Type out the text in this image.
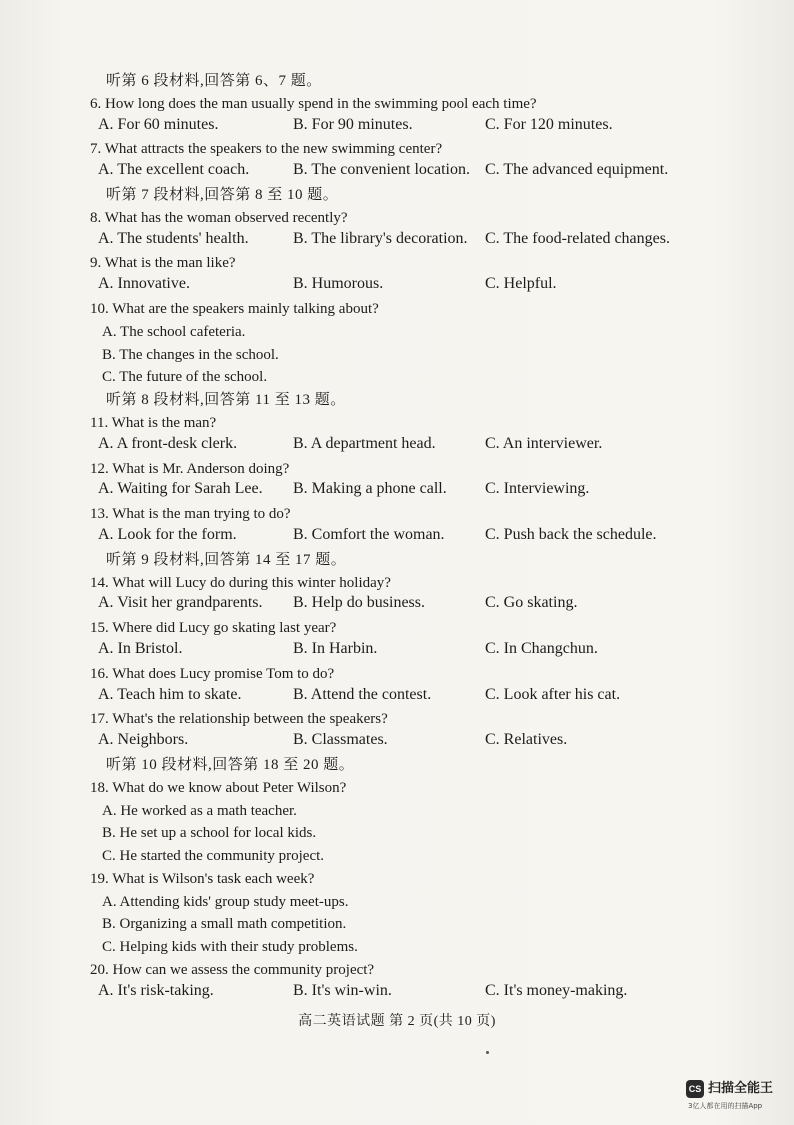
听第 6 段材料,回答第 6、7 题。
6. How long does the man usually spend in the swimming pool each time?
A. For 60 minutes.	B. For 90 minutes.	C. For 120 minutes.
7. What attracts the speakers to the new swimming center?
A. The excellent coach.	B. The convenient location. C. The advanced equipment.
听第 7 段材料,回答第 8 至 10 题。
8. What has the woman observed recently?
A. The students' health.	B. The library's decoration. C. The food-related changes.
9. What is the man like?
A. Innovative.	B. Humorous.	C. Helpful.
10. What are the speakers mainly talking about?
A. The school cafeteria.
B. The changes in the school.
C. The future of the school.
听第 8 段材料,回答第 11 至 13 题。
11. What is the man?
A. A front-desk clerk.	B. A department head.	C. An interviewer.
12. What is Mr. Anderson doing?
A. Waiting for Sarah Lee. B. Making a phone call. C. Interviewing.
13. What is the man trying to do?
A. Look for the form.	B. Comfort the woman.	C. Push back the schedule.
听第 9 段材料,回答第 14 至 17 题。
14. What will Lucy do during this winter holiday?
A. Visit her grandparents. B. Help do business.	C. Go skating.
15. Where did Lucy go skating last year?
A. In Bristol.	B. In Harbin.	C. In Changchun.
16. What does Lucy promise Tom to do?
A. Teach him to skate.	B. Attend the contest.	C. Look after his cat.
17. What's the relationship between the speakers?
A. Neighbors.	B. Classmates.	C. Relatives.
听第 10 段材料,回答第 18 至 20 题。
18. What do we know about Peter Wilson?
A. He worked as a math teacher.
B. He set up a school for local kids.
C. He started the community project.
19. What is Wilson's task each week?
A. Attending kids' group study meet-ups.
B. Organizing a small math competition.
C. Helping kids with their study problems.
20. How can we assess the community project?
A. It's risk-taking.	B. It's win-win.	C. It's money-making.
高二英语试题 第 2 页(共 10 页)
CS 扫描全能王
3亿人都在用的扫描App
